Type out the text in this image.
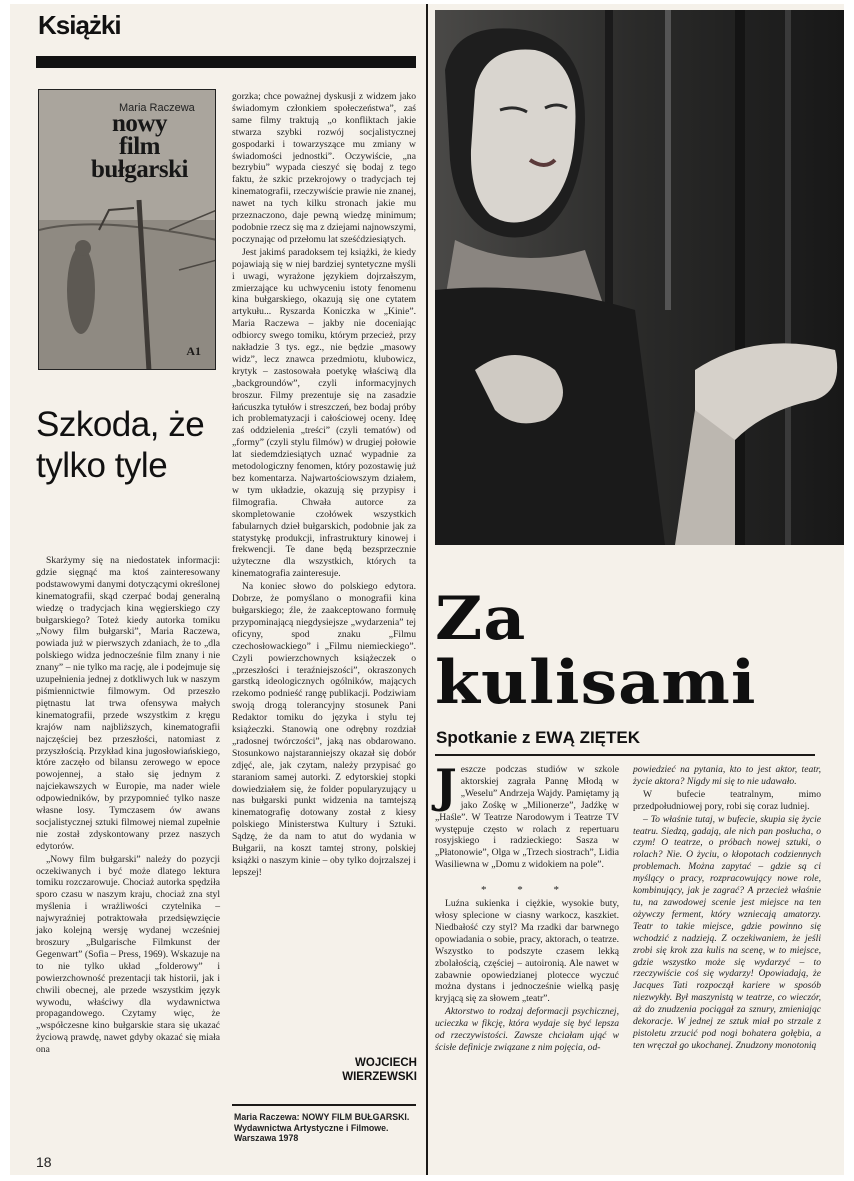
Książki
Maria Raczewa
nowy
film
bułgarski
A1
Szkoda, że tylko tyle

Skarżymy się na niedostatek informacji: gdzie sięgnąć ma ktoś zainteresowany podstawowymi danymi dotyczącymi określonej kinematografii, skąd czerpać bodaj generalną wiedzę o tradycjach kina węgierskiego czy bułgarskiego? Toteż kiedy autorka tomiku „Nowy film bułgarski”, Maria Raczewa, powiada już w pierwszych zdaniach, że to „dla polskiego widza jednocześnie film znany i nie znany” – nie tylko ma rację, ale i podejmuje się uzupełnienia jednej z dotkliwych luk w naszym piśmiennictwie filmowym. Od przeszło piętnastu lat trwa ofensywa małych kinematografii, przede wszystkim z kręgu krajów nam najbliższych, kinematografii najczęściej bez przeszłości, natomiast z przyszłością. Przykład kina jugosłowiańskiego, które zaczęło od bilansu zerowego w epoce powojennej, a stało się jednym z najciekawszych w Europie, ma nader wiele odpowiedników, by przypomnieć tylko nasze własne losy. Tymczasem ów awans socjalistycznej sztuki filmowej niemal zupełnie nie został zdyskontowany przez naszych edytorów.

„Nowy film bułgarski” należy do pozycji oczekiwanych i być może dlatego lektura tomiku rozczarowuje. Chociaż autorka spędziła sporo czasu w naszym kraju, chociaż zna styl myślenia i wrażliwości czytelnika – najwyraźniej potraktowała przedsięwzięcie jako kolejną wersję wydanej wcześniej broszury „Bulgarische Filmkunst der Gegenwart” (Sofia – Press, 1969). Wskazuje na to nie tylko układ „folderowy” i powierzchowność prezentacji tak historii, jak i chwili obecnej, ale przede wszystkim język wywodu, właściwy dla wydawnictwa propagandowego. Czytamy więc, że „współczesne kino bułgarskie stara się ukazać życiową prawdę, nawet gdyby okazać się miała ona

gorzka; chce poważnej dyskusji z widzem jako świadomym członkiem społeczeństwa”, zaś same filmy traktują „o konfliktach jakie stwarza szybki rozwój socjalistycznej gospodarki i towarzyszące mu zmiany w świadomości jednostki”. Oczywiście, „na bezrybiu” wypada cieszyć się bodaj z tego faktu, że szkic przekrojowy o tradycjach tej kinematografii, rzeczywiście prawie nie znanej, nawet na tych kilku stronach jakie mu przeznaczono, daje pewną wiedzę minimum; podobnie rzecz się ma z dziejami najnowszymi, poczynając od przełomu lat sześćdziesiątych.

Jest jakimś paradoksem tej książki, że kiedy pojawiają się w niej bardziej syntetyczne myśli i uwagi, wyrażone językiem dojrzałszym, zmierzające ku uchwyceniu istoty fenomenu kina bułgarskiego, okazują się one cytatem artykułu... Ryszarda Koniczka w „Kinie”. Maria Raczewa – jakby nie doceniając odbiorcy swego tomiku, którym przecież, przy nakładzie 3 tys. egz., nie będzie „masowy widz”, lecz znawca przedmiotu, klubowicz, krytyk – zastosowała poetykę właściwą dla „backgroundów”, czyli informacyjnych broszur. Filmy prezentuje się na zasadzie łańcuszka tytułów i streszczeń, bez bodaj próby ich problematyzacji i całościowej oceny. Ideę zaś oddzielenia „treści” (czyli tematów) od „formy” (czyli stylu filmów) w drugiej połowie lat siedemdziesiątych uznać wypadnie za metodologiczny fenomen, który pozostawię już bez komentarza. Najwartościowszym działem, w tym układzie, okazują się przypisy i filmografia. Chwała autorce za skompletowanie czołówek wszystkich fabularnych dzieł bułgarskich, podobnie jak za statystykę produkcji, infrastruktury kinowej i frekwencji. Te dane będą bezsprzecznie użyteczne dla wszystkich, których ta kinematografia zainteresuje.

Na koniec słowo do polskiego edytora. Dobrze, że pomyślano o monografii kina bułgarskiego; źle, że zaakceptowano formułę przypominającą niegdysiejsze „wydarzenia” tej oficyny, spod znaku „Filmu czechosłowackiego” i „Filmu niemieckiego”. Czyli powierzchownych książeczek o „przeszłości i teraźniejszości”, okraszonych garstką ideologicznych ogólników, mających rzekomo podnieść rangę publikacji. Podziwiam swoją drogą tolerancyjny stosunek Pani Redaktor tomiku do języka i stylu tej książeczki. Stanowią one odrębny rozdział „radosnej twórczości”, jaką nas obdarowano. Stosunkowo najstaranniejszy okazał się dobór zdjęć, ale, jak czytam, należy przypisać go staraniom samej autorki. Z edytorskiej stopki dowiedziałem się, że folder popularyzujący u nas bułgarski punkt widzenia na tamtejszą kinematografię dotowany został z kiesy polskiego Ministerstwa Kultury i Sztuki. Sądzę, że da nam to atut do wydania w Bułgarii, na koszt tamtej strony, polskiej książki o naszym kinie – oby tylko dojrzalszej i lepszej!

WOJCIECH
WIERZEWSKI
Maria Raczewa: NOWY FILM BUŁGARSKI. Wydawnictwa Artystyczne i Filmowe. Warszawa 1978
18
Za
kulisami
Spotkanie z EWĄ ZIĘTEK

Jeszcze podczas studiów w szkole aktorskiej zagrała Pannę Młodą w „Weselu” Andrzeja Wajdy. Pamiętamy ją jako Zośkę w „Milionerze”, Jadźkę w „Haśle”. W Teatrze Narodowym i Teatrze TV występuje często w rolach z repertuaru rosyjskiego i radzieckiego: Sasza w „Płatonowie”, Olga w „Trzech siostrach”, Lidia Wasiliewna w „Domu z widokiem na pole”.

* * *

Luźna sukienka i ciężkie, wysokie buty, włosy splecione w ciasny warkocz, kaszkiet. Niedbałość czy styl? Ma rzadki dar barwnego opowiadania o sobie, pracy, aktorach, o teatrze. Wszystko to podszyte czasem lekką zbolałością, częściej – autoironią. Ale nawet w zabawnie opowiedzianej plotecce wyczuć można dystans i jednocześnie wielką pasję kryjącą się za słowem „teatr”.

Aktorstwo to rodzaj deformacji psychicznej, ucieczka w fikcję, która wydaje się być lepsza od rzeczywistości. Zawsze chciałam ująć w ścisłe definicje związane z nim pojęcia, od-

powiedzieć na pytania, kto to jest aktor, teatr, życie aktora? Nigdy mi się to nie udawało.

W bufecie teatralnym, mimo przedpołudniowej pory, robi się coraz ludniej.

– To właśnie tutaj, w bufecie, skupia się życie teatru. Siedzą, gadają, ale nich pan posłucha, o czym! O teatrze, o próbach nowej sztuki, o rolach? Nie. O życiu, o kłopotach codziennych problemach. Można zapytać – gdzie są ci myślący o pracy, rozpracowujący nowe role, kombinujący, jak je zagrać? A przecież właśnie tu, na zawodowej scenie jest miejsce na ten ożywczy ferment, który wzniecają amatorzy. Teatr to takie miejsce, gdzie powinno się wchodzić z nadzieją. Z oczekiwaniem, że jeśli zrobi się krok zza kulis na scenę, w to miejsce, gdzie wszystko może się wydarzyć – to rzeczywiście coś się wydarzy! Opowiadają, że Jacques Tati rozpoczął kariere w sposób niezwykły. Był maszynistą w teatrze, co wieczór, aż do znudzenia pociągał za sznury, zmieniając dekoracje. W jednej ze sztuk miał po strzale z pistoletu zrzucić pod nogi bohatera gołębia, a ten wręczał go ukochanej. Znudzony monotonią
